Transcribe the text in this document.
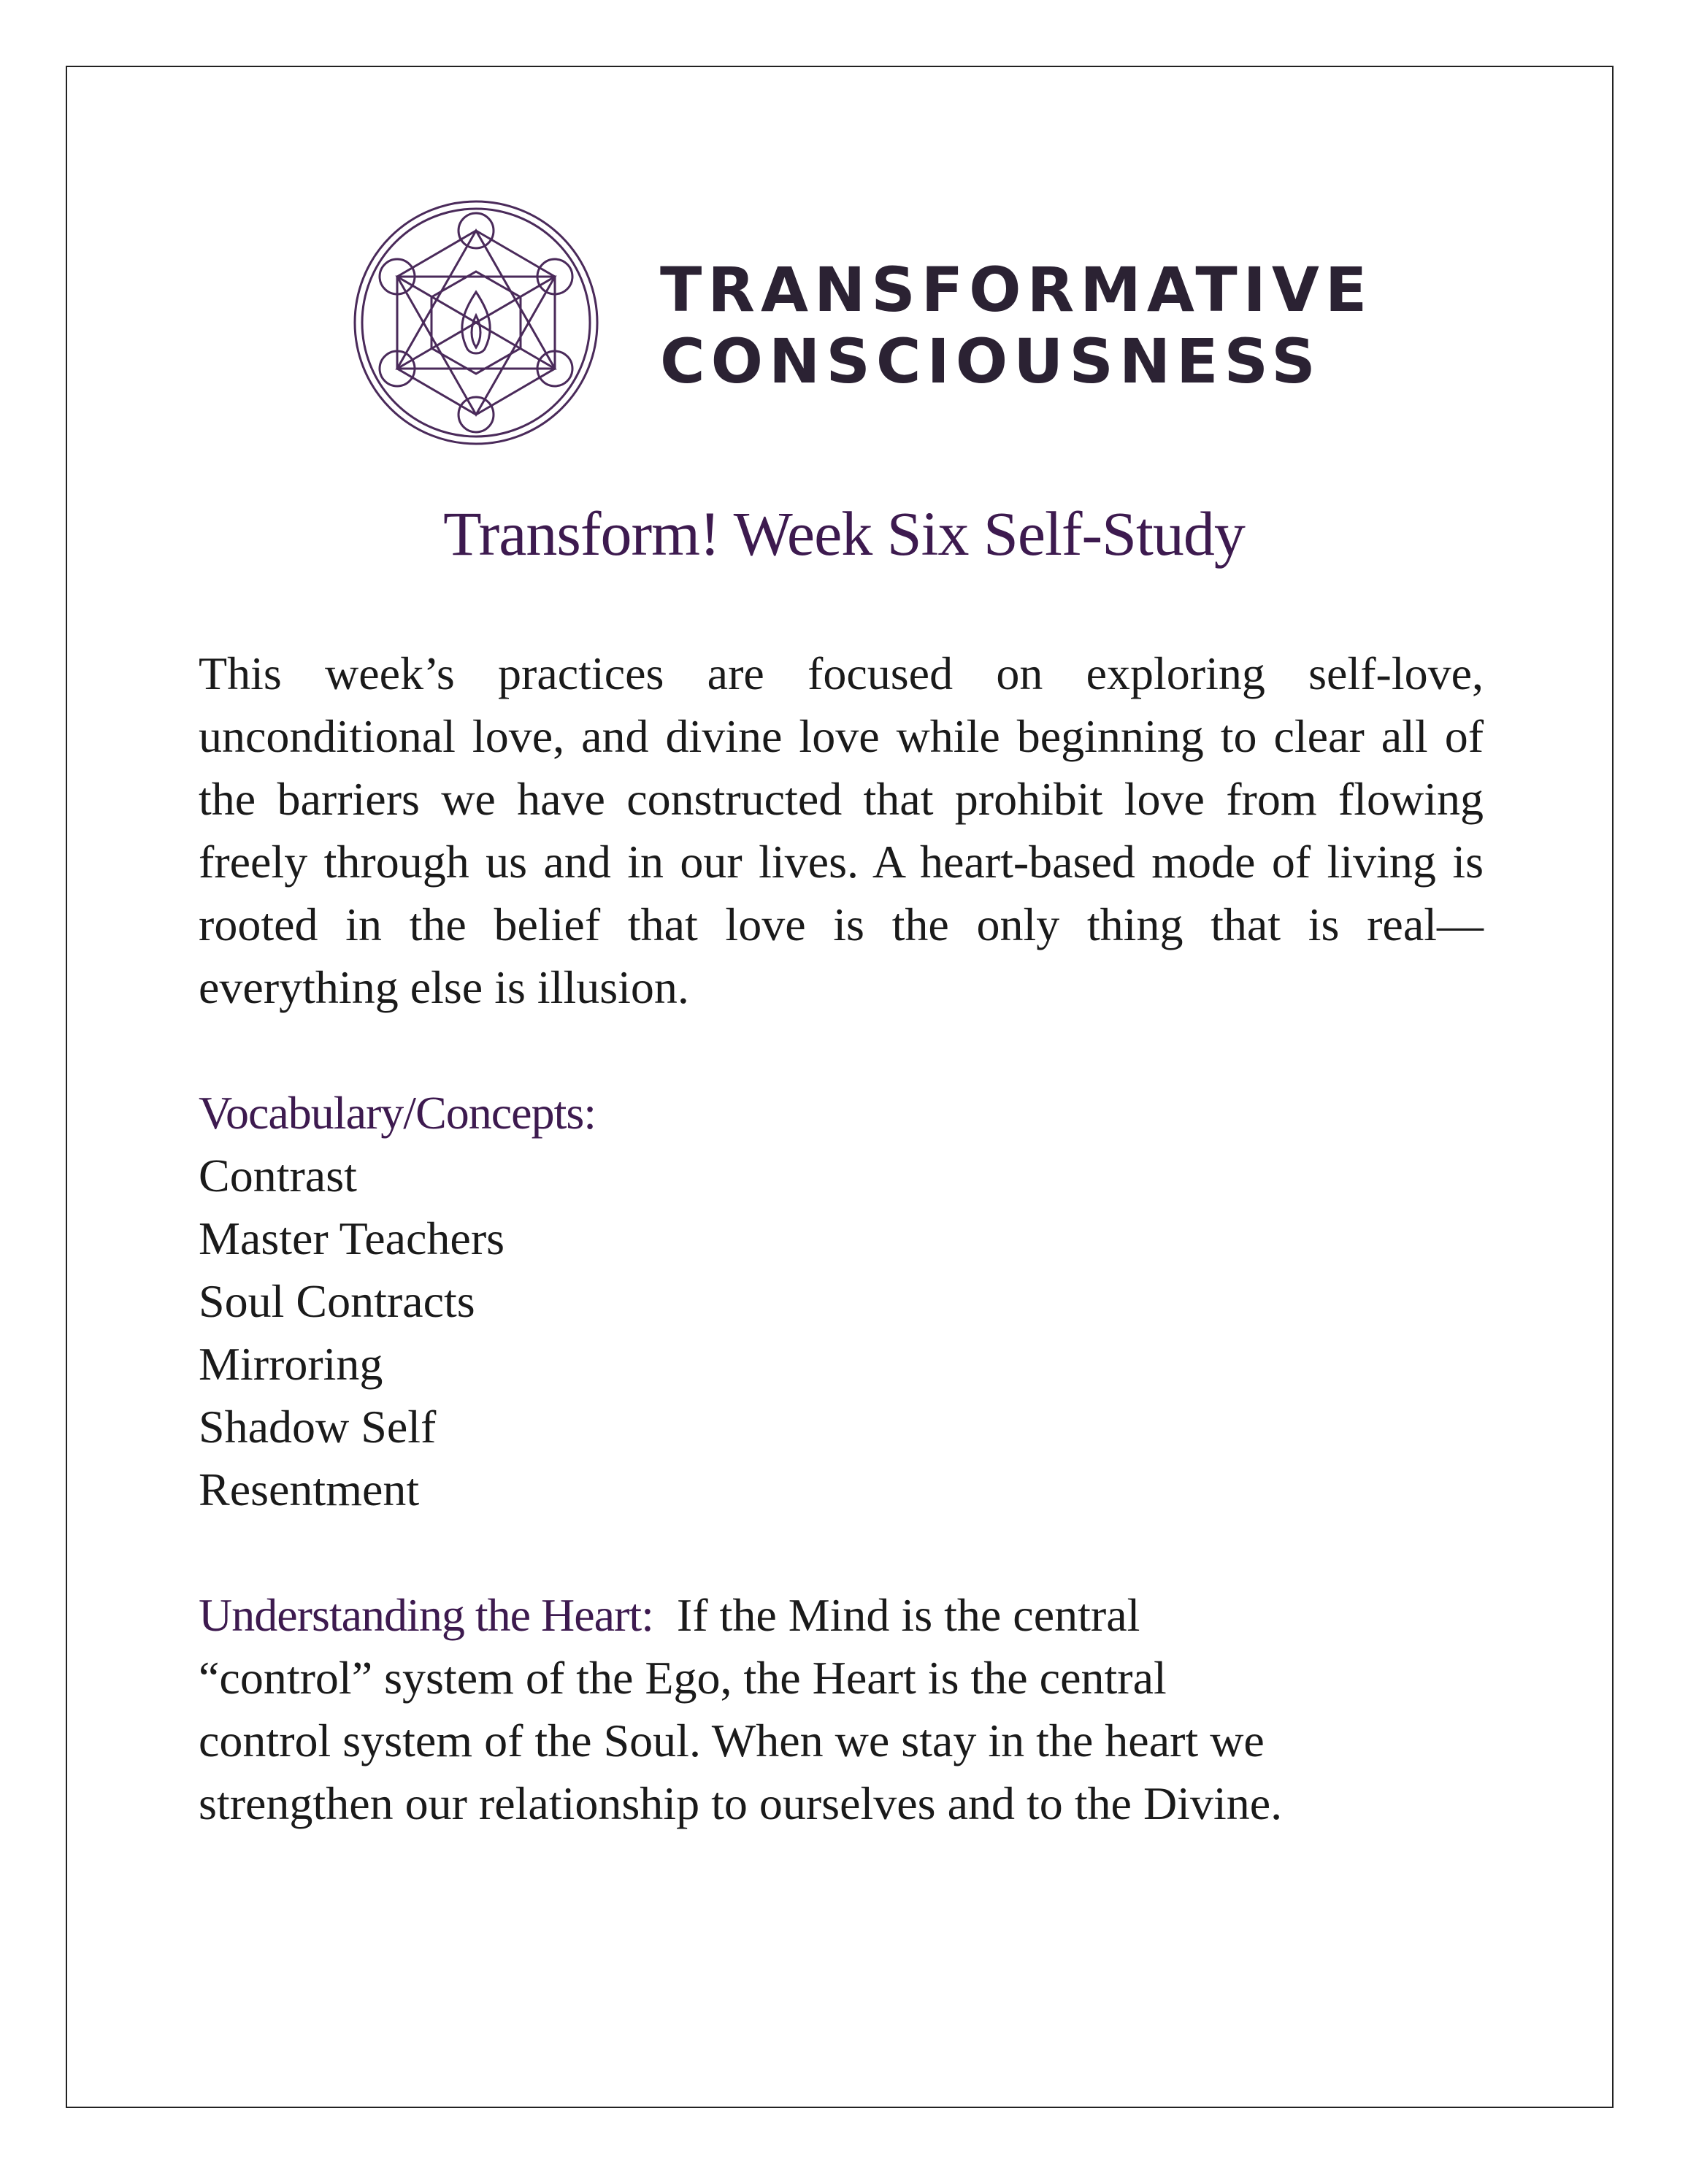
TRANSFORMATIVE
CONSCIOUSNESS
Transform! Week Six Self-Study

This week’s practices are focused on exploring self-love, unconditional love, and divine love while beginning to clear all of the barriers we have constructed that prohibit love from flowing freely through us and in our lives. A heart-based mode of living is rooted in the belief that love is the only thing that is real—everything else is illusion.

Vocabulary/Concepts:
Contrast
Master Teachers
Soul Contracts
Mirroring
Shadow Self
Resentment
Understanding the Heart: If the Mind is the central
“control” system of the Ego, the Heart is the central
control system of the Soul. When we stay in the heart we
strengthen our relationship to ourselves and to the Divine.
